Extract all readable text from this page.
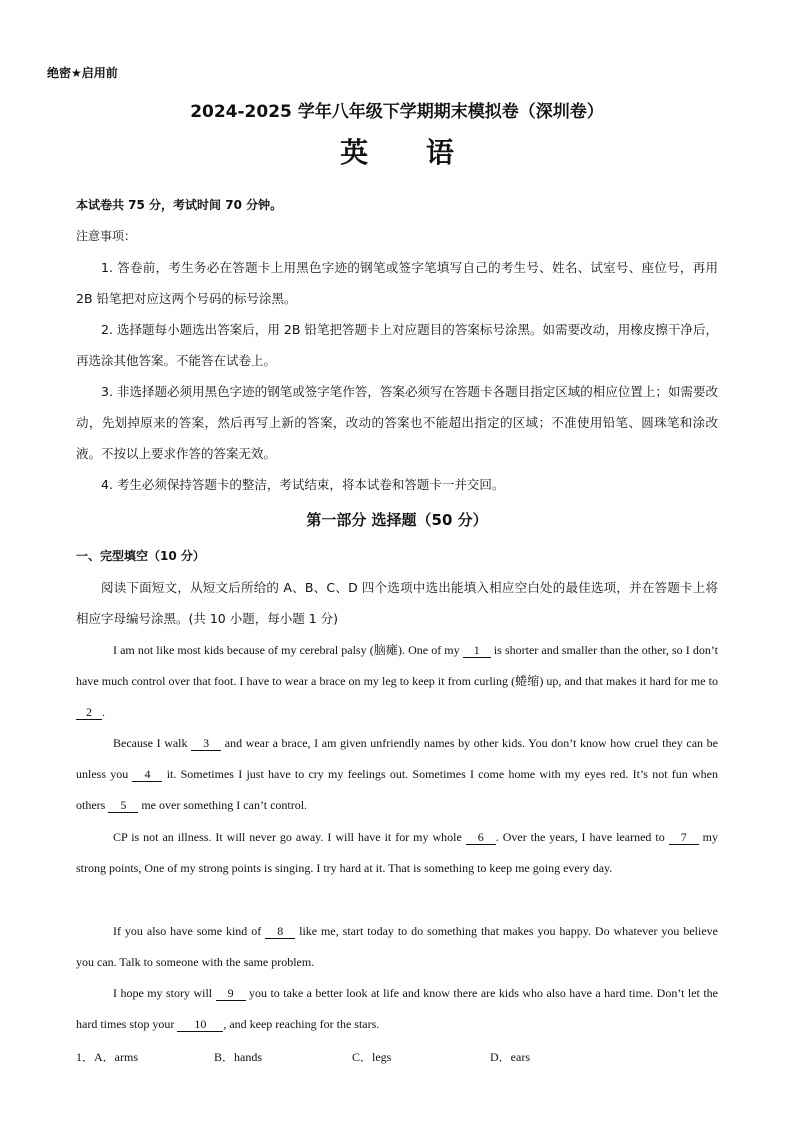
绝密★启用前
2024-2025 学年八年级下学期期末模拟卷（深圳卷）
英 语
本试卷共 75 分，考试时间 70 分钟。
注意事项：
1. 答卷前，考生务必在答题卡上用黑色字迹的钢笔或签字笔填写自己的考生号、姓名、试室号、座位号，再用 2B 铅笔把对应这两个号码的标号涂黑。
2. 选择题每小题选出答案后，用 2B 铅笔把答题卡上对应题目的答案标号涂黑。如需要改动，用橡皮擦干净后，再选涂其他答案。不能答在试卷上。
3. 非选择题必须用黑色字迹的钢笔或签字笔作答，答案必须写在答题卡各题目指定区域的相应位置上；如需要改动，先划掉原来的答案，然后再写上新的答案，改动的答案也不能超出指定的区域；不准使用铅笔、圆珠笔和涂改液。不按以上要求作答的答案无效。
4. 考生必须保持答题卡的整洁，考试结束，将本试卷和答题卡一并交回。
第一部分 选择题（50 分）
一、完型填空（10 分）
阅读下面短文，从短文后所给的 A、B、C、D 四个选项中选出能填入相应空白处的最佳选项，并在答题卡上将相应字母编号涂黑。(共 10 小题，每小题 1 分)
I am not like most kids because of my cerebral palsy (脑瘫). One of my 1 is shorter and smaller than the other, so I don’t have much control over that foot. I have to wear a brace on my leg to keep it from curling (蜷缩) up, and that makes it hard for me to 2 .
Because I walk 3 and wear a brace, I am given unfriendly names by other kids. You don’t know how cruel they can be unless you 4 it. Sometimes I just have to cry my feelings out. Sometimes I come home with my eyes red. It’s not fun when others 5 me over something I can’t control.
CP is not an illness. It will never go away. I will have it for my whole 6 . Over the years, I have learned to 7 my strong points, One of my strong points is singing. I try hard at it. That is something to keep me going every day.
If you also have some kind of 8 like me, start today to do something that makes you happy. Do whatever you believe you can. Talk to someone with the same problem.
I hope my story will 9 you to take a better look at life and know there are kids who also have a hard time. Don’t let the hard times stop your 10 , and keep reaching for the stars.
1．A．arms	B．hands	C．legs	D．ears
